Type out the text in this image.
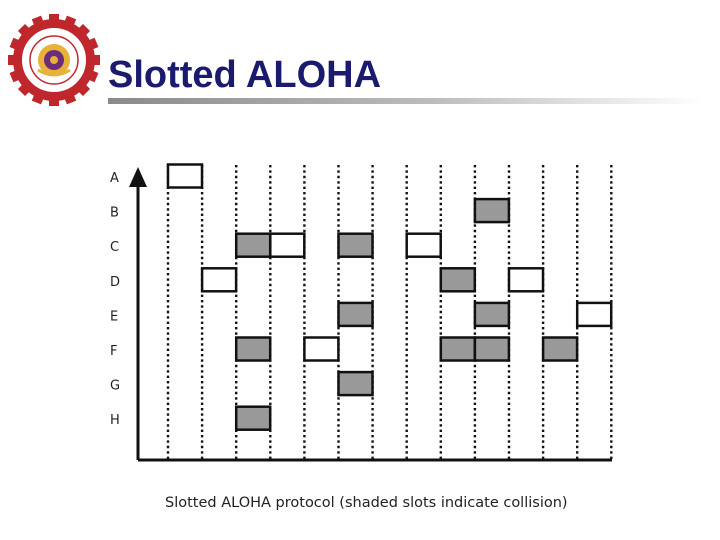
Slotted ALOHA
A
B
C
D
E
F
G
H

Slotted ALOHA protocol (shaded slots indicate collision)
